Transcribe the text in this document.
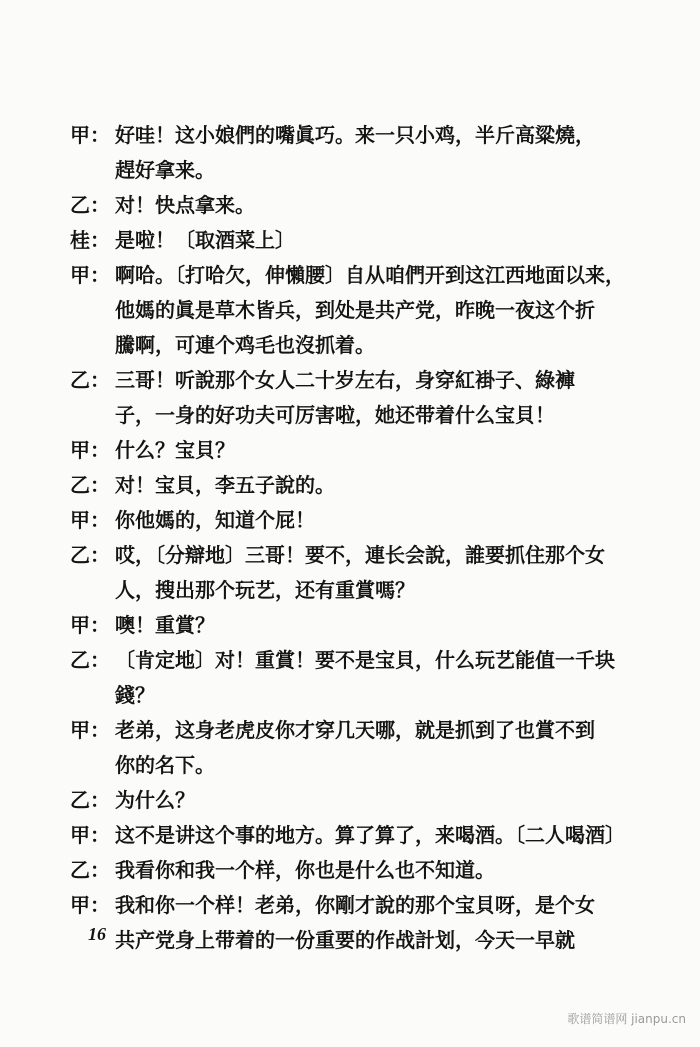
甲： 好哇！这小娘們的嘴眞巧。来一只小鸡，半斤高粱燒，
趕好拿来。
乙： 对！快点拿来。
桂： 是啦！〔取酒菜上〕
甲： 啊哈。〔打哈欠，伸懶腰〕自从咱們开到这江西地面以来，
他媽的眞是草木皆兵，到处是共产党，昨晚一夜这个折
騰啊，可連个鸡毛也沒抓着。
乙： 三哥！听說那个女人二十岁左右，身穿紅褂子、綠褲
子，一身的好功夫可厉害啦，她还带着什么宝貝！
甲： 什么？宝貝？
乙： 对！宝貝，李五子說的。
甲： 你他媽的，知道个屁！
乙： 哎，〔分辯地〕三哥！要不，連长会說，誰要抓住那个女
人，搜出那个玩艺，还有重賞嗎？
甲： 噢！重賞？
乙： 〔肯定地〕对！重賞！要不是宝貝，什么玩艺能值一千块
錢？
甲： 老弟，这身老虎皮你才穿几天哪，就是抓到了也賞不到
你的名下。
乙： 为什么？
甲： 这不是讲这个事的地方。算了算了，来喝酒。〔二人喝酒〕
乙： 我看你和我一个样，你也是什么也不知道。
甲： 我和你一个样！老弟，你剛才說的那个宝貝呀，是个女
共产党身上带着的一份重要的作战計划，今天一早就
16
歌谱简谱网 jianpu.cn
